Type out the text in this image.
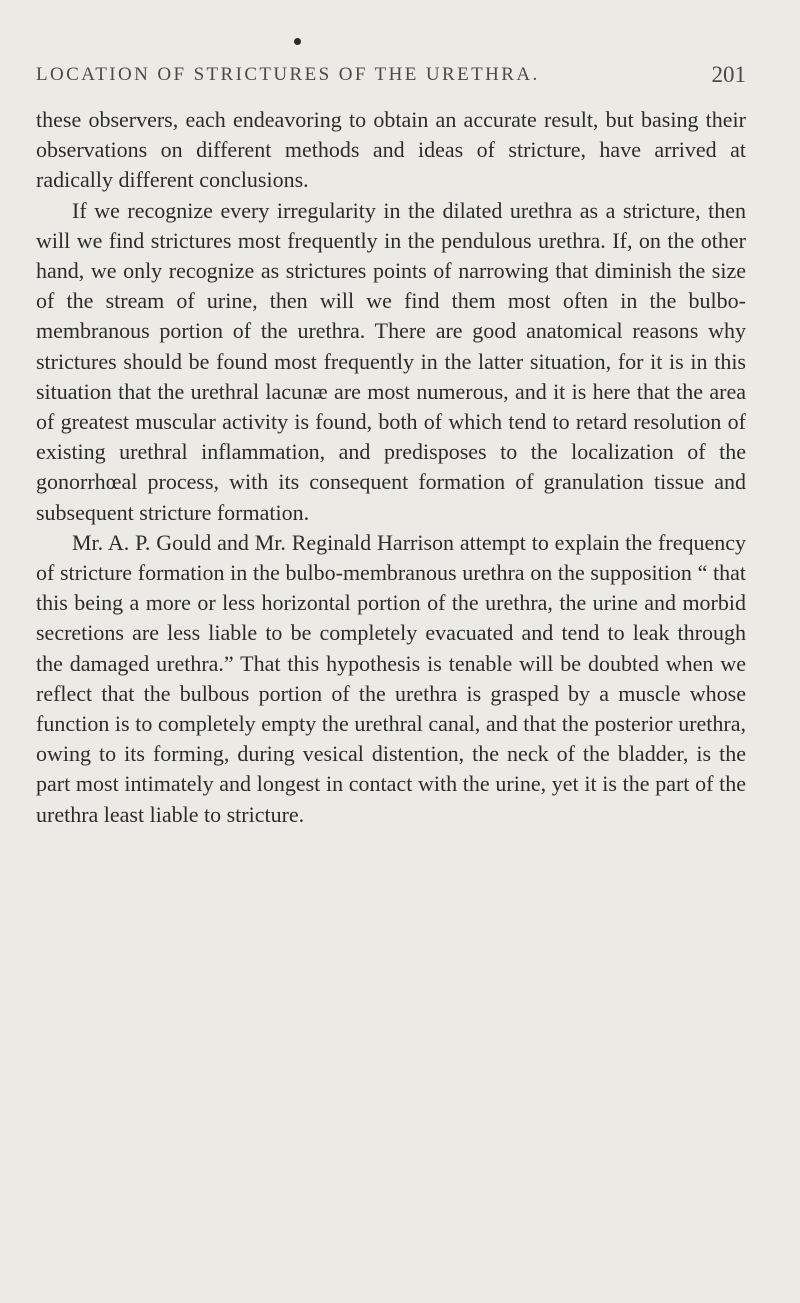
LOCATION OF STRICTURES OF THE URETHRA.	201

these observers, each endeavoring to obtain an accurate result, but basing their observations on different methods and ideas of stricture, have arrived at radically different conclusions.

If we recognize every irregularity in the dilated urethra as a stricture, then will we find strictures most frequently in the pendulous urethra. If, on the other hand, we only recognize as strictures points of narrowing that diminish the size of the stream of urine, then will we find them most often in the bulbo-membranous portion of the urethra. There are good anatomical reasons why strictures should be found most frequently in the latter situation, for it is in this situation that the urethral lacunæ are most numerous, and it is here that the area of greatest muscular activity is found, both of which tend to retard resolution of existing urethral inflammation, and predisposes to the localization of the gonorrhœal process, with its consequent formation of granulation tissue and subsequent stricture formation.

Mr. A. P. Gould and Mr. Reginald Harrison attempt to explain the frequency of stricture formation in the bulbo-membranous urethra on the supposition “ that this being a more or less horizontal portion of the urethra, the urine and morbid secretions are less liable to be completely evacuated and tend to leak through the damaged urethra.” That this hypothesis is tenable will be doubted when we reflect that the bulbous portion of the urethra is grasped by a muscle whose function is to completely empty the urethral canal, and that the posterior urethra, owing to its forming, during vesical distention, the neck of the bladder, is the part most intimately and longest in contact with the urine, yet it is the part of the urethra least liable to stricture.
